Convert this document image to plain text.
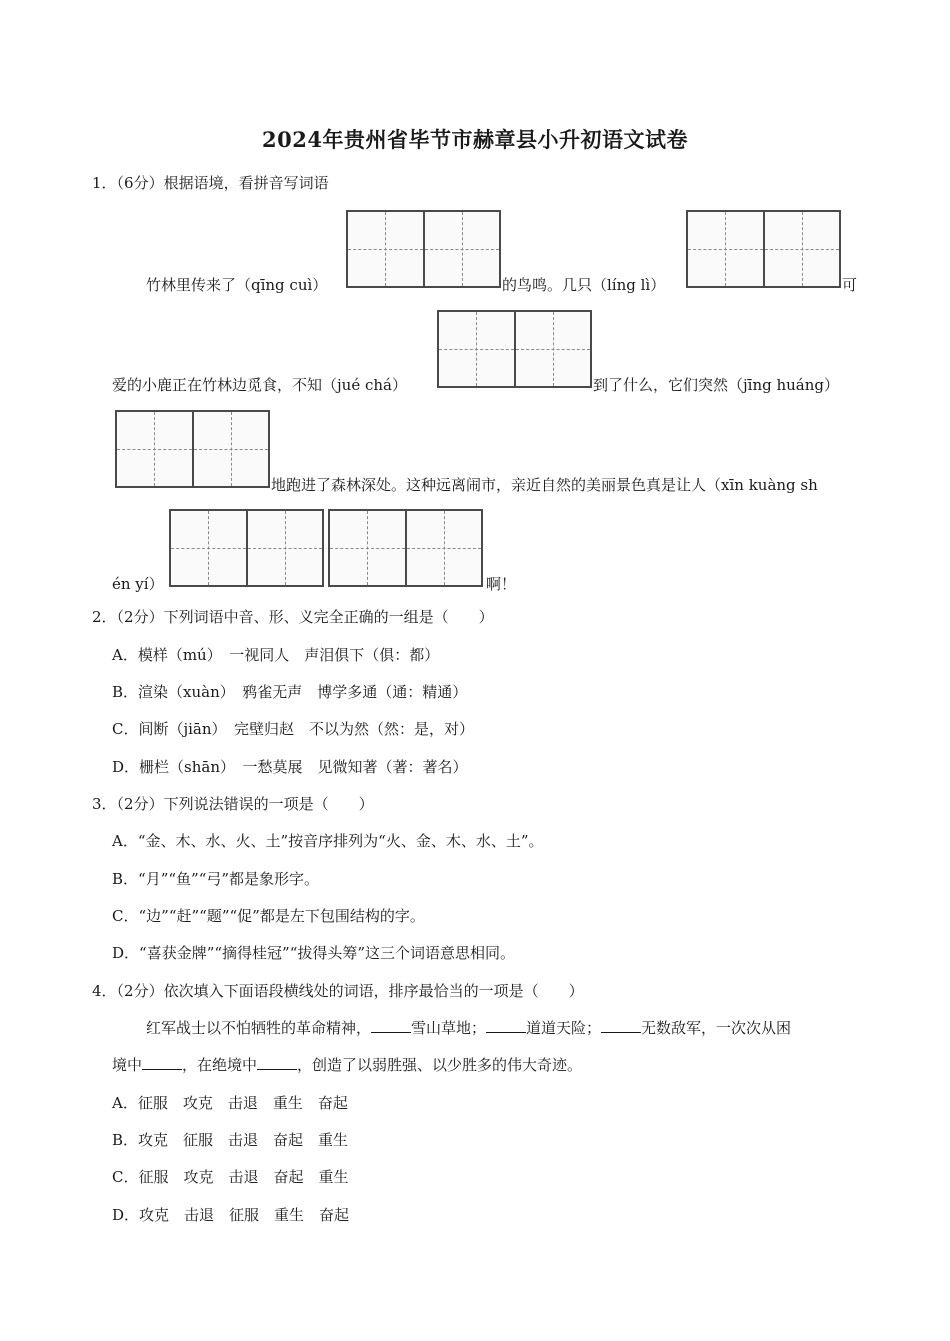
2024年贵州省毕节市赫章县小升初语文试卷
1．（6分）根据语境，看拼音写词语
竹林里传来了（qīng cuì）	的鸟鸣。几只（líng lì）	可
爱的小鹿正在竹林边觅食，不知（jué chá）	到了什么，它们突然（jīng huáng）
地跑进了森林深处。这种远离闹市，亲近自然的美丽景色真是让人（xīn kuàng sh
én yí）	啊！
2．（2分）下列词语中音、形、义完全正确的一组是（　　）
A．模样（mú）　一视同人　声泪俱下（俱：都）
B．渲染（xuàn）　鸦雀无声　博学多通（通：精通）
C．间断（jiān）　完壁归赵　不以为然（然：是，对）
D．栅栏（shān）　一愁莫展　见微知著（著：著名）
3．（2分）下列说法错误的一项是（　　）
A．“金、木、水、火、土”按音序排列为“火、金、木、水、土”。
B．“月”“鱼”“弓”都是象形字。
C．“边”“赶”“题”“促”都是左下包围结构的字。
D．“喜获金牌”“摘得桂冠”“拔得头筹”这三个词语意思相同。
4．（2分）依次填入下面语段横线处的词语，排序最恰当的一项是（　　）
红军战士以不怕牺牲的革命精神，	雪山草地；	道道天险；	无数敌军，一次次从困
境中	，在绝境中	，创造了以弱胜强、以少胜多的伟大奇迹。
A．征服　攻克　击退　重生　奋起
B．攻克　征服　击退　奋起　重生
C．征服　攻克　击退　奋起　重生
D．攻克　击退　征服　重生　奋起
